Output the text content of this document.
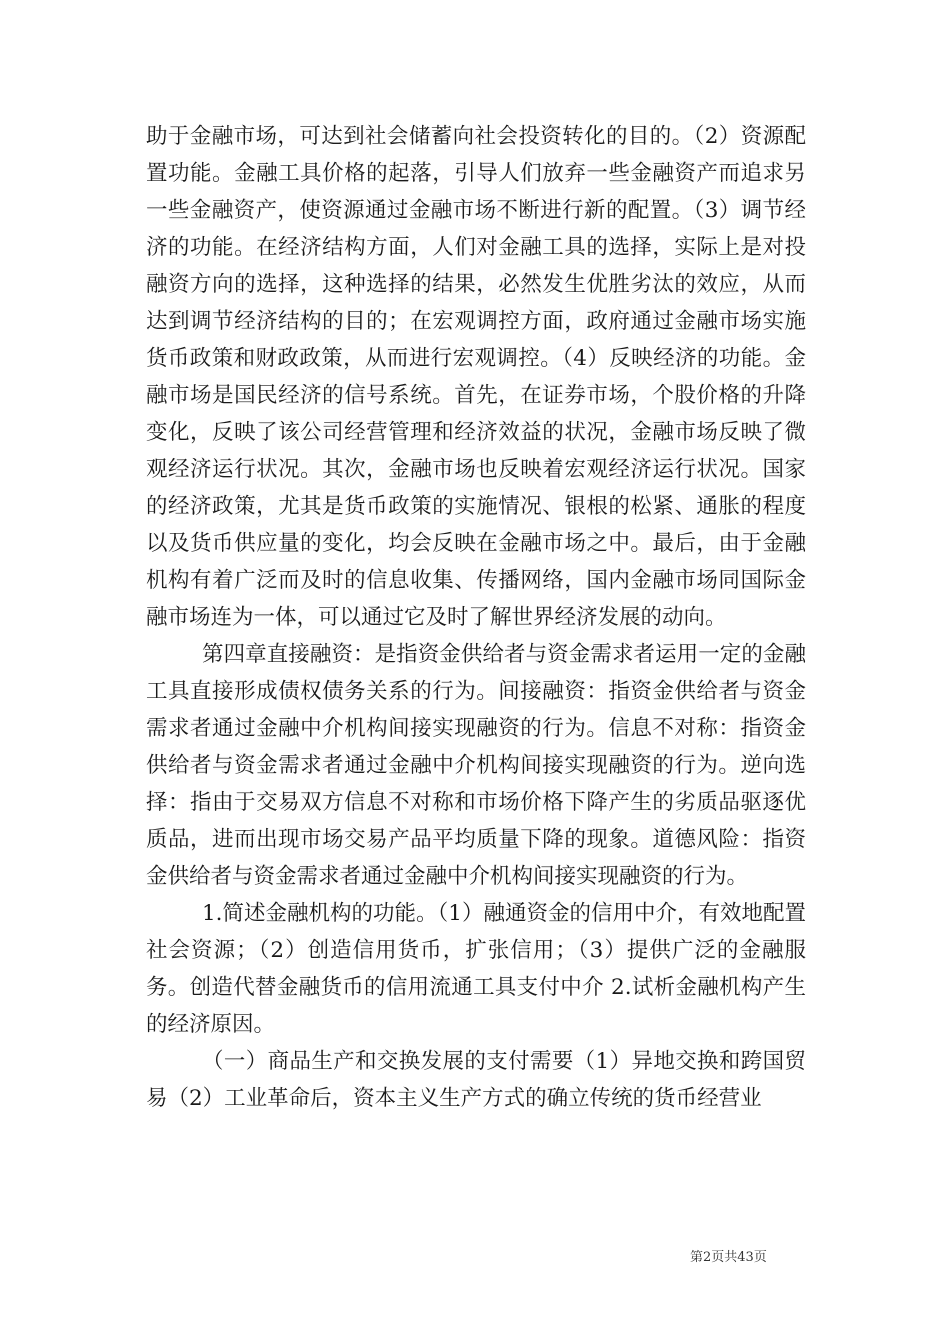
助于金融市场，可达到社会储蓄向社会投资转化的目的。（2）资源配置功能。金融工具价格的起落，引导人们放弃一些金融资产而追求另一些金融资产，使资源通过金融市场不断进行新的配置。（3）调节经济的功能。在经济结构方面，人们对金融工具的选择，实际上是对投融资方向的选择，这种选择的结果，必然发生优胜劣汰的效应，从而达到调节经济结构的目的；在宏观调控方面，政府通过金融市场实施货币政策和财政政策，从而进行宏观调控。（4）反映经济的功能。金融市场是国民经济的信号系统。首先，在证券市场，个股价格的升降变化，反映了该公司经营管理和经济效益的状况，金融市场反映了微观经济运行状况。其次，金融市场也反映着宏观经济运行状况。国家的经济政策，尤其是货币政策的实施情况、银根的松紧、通胀的程度以及货币供应量的变化，均会反映在金融市场之中。最后，由于金融机构有着广泛而及时的信息收集、传播网络，国内金融市场同国际金融市场连为一体，可以通过它及时了解世界经济发展的动向。

第四章直接融资：是指资金供给者与资金需求者运用一定的金融工具直接形成债权债务关系的行为。间接融资：指资金供给者与资金需求者通过金融中介机构间接实现融资的行为。信息不对称：指资金供给者与资金需求者通过金融中介机构间接实现融资的行为。逆向选择：指由于交易双方信息不对称和市场价格下降产生的劣质品驱逐优质品，进而出现市场交易产品平均质量下降的现象。道德风险：指资金供给者与资金需求者通过金融中介机构间接实现融资的行为。

1.简述金融机构的功能。（1）融通资金的信用中介，有效地配置社会资源；（2）创造信用货币，扩张信用；（3）提供广泛的金融服务。创造代替金融货币的信用流通工具支付中介 2.试析金融机构产生的经济原因。

（一）商品生产和交换发展的支付需要（1）异地交换和跨国贸易（2）工业革命后，资本主义生产方式的确立传统的货币经营业

第2页共43页
